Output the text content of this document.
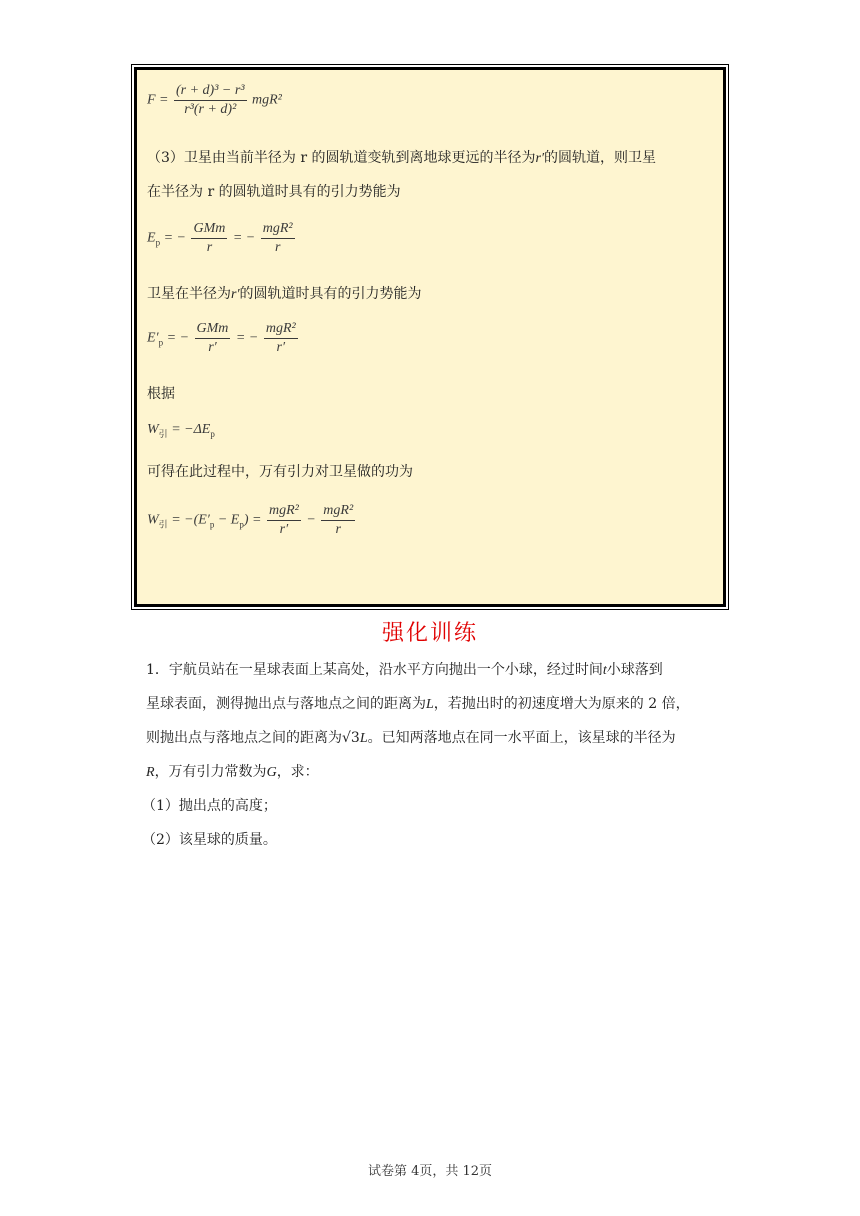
$F = \frac{\text{(r + d)³ − r³}}{\text{r³(r + d)²}} mgR^2$
（3）卫星由当前半径为 r 的圆轨道变轨到离地球更远的半径为r′的圆轨道，则卫星
在半径为 r 的圆轨道时具有的引力势能为
$E_p$ = − $\frac{\text{GMm}}{r}$ = − $\frac{\text{mgR²}}{r}$
卫星在半径为r′的圆轨道时具有的引力势能为
$E'_p$ = − $\frac{\text{GMm}}{r'}$ = − $\frac{\text{mgR²}}{r'}$
根据
$W_引 = -\Delta E_p$
可得在此过程中，万有引力对卫星做的功为
$W_引 = -(E'_p - E_p) = \frac{\text{mgR²}}{r'} - \frac{\text{mgR²}}{r}$
强化训练
1．宇航员站在一星球表面上某高处，沿水平方向抛出一个小球，经过时间t小球落到
星球表面，测得抛出点与落地点之间的距离为L，若抛出时的初速度增大为原来的 2 倍，
则抛出点与落地点之间的距离为√3L。已知两落地点在同一水平面上，该星球的半径为
R，万有引力常数为G，求：
（1）抛出点的高度；
（2）该星球的质量。
试卷第 4页，共 12页
